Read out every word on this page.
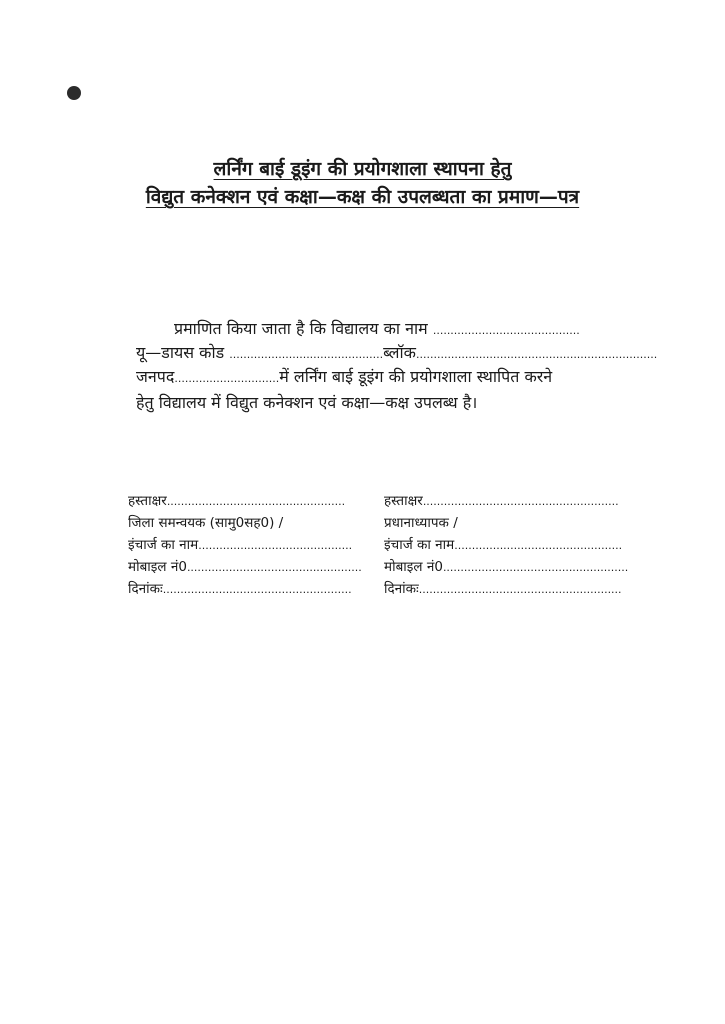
लर्निंग बाई डूइंग की प्रयोगशाला स्थापना हेतु
विद्युत कनेक्शन एवं कक्षा—कक्ष की उपलब्धता का प्रमाण—पत्र
प्रमाणित किया जाता है कि विद्यालय का नाम ..........................................
यू—डायस कोड ............................................ब्लॉक.....................................................................
जनपद..............................में लर्निंग बाई डूइंग की प्रयोगशाला स्थापित करने
हेतु विद्यालय में विद्युत कनेक्शन एवं कक्षा—कक्ष उपलब्ध है।
हस्ताक्षर...................................................
जिला समन्वयक (सामु0सह0) /
इंचार्ज का नाम............................................
मोबाइल नं0..................................................
दिनांकः......................................................
हस्ताक्षर........................................................
प्रधानाध्यापक /
इंचार्ज का नाम................................................
मोबाइल नं0.....................................................
दिनांकः..........................................................
